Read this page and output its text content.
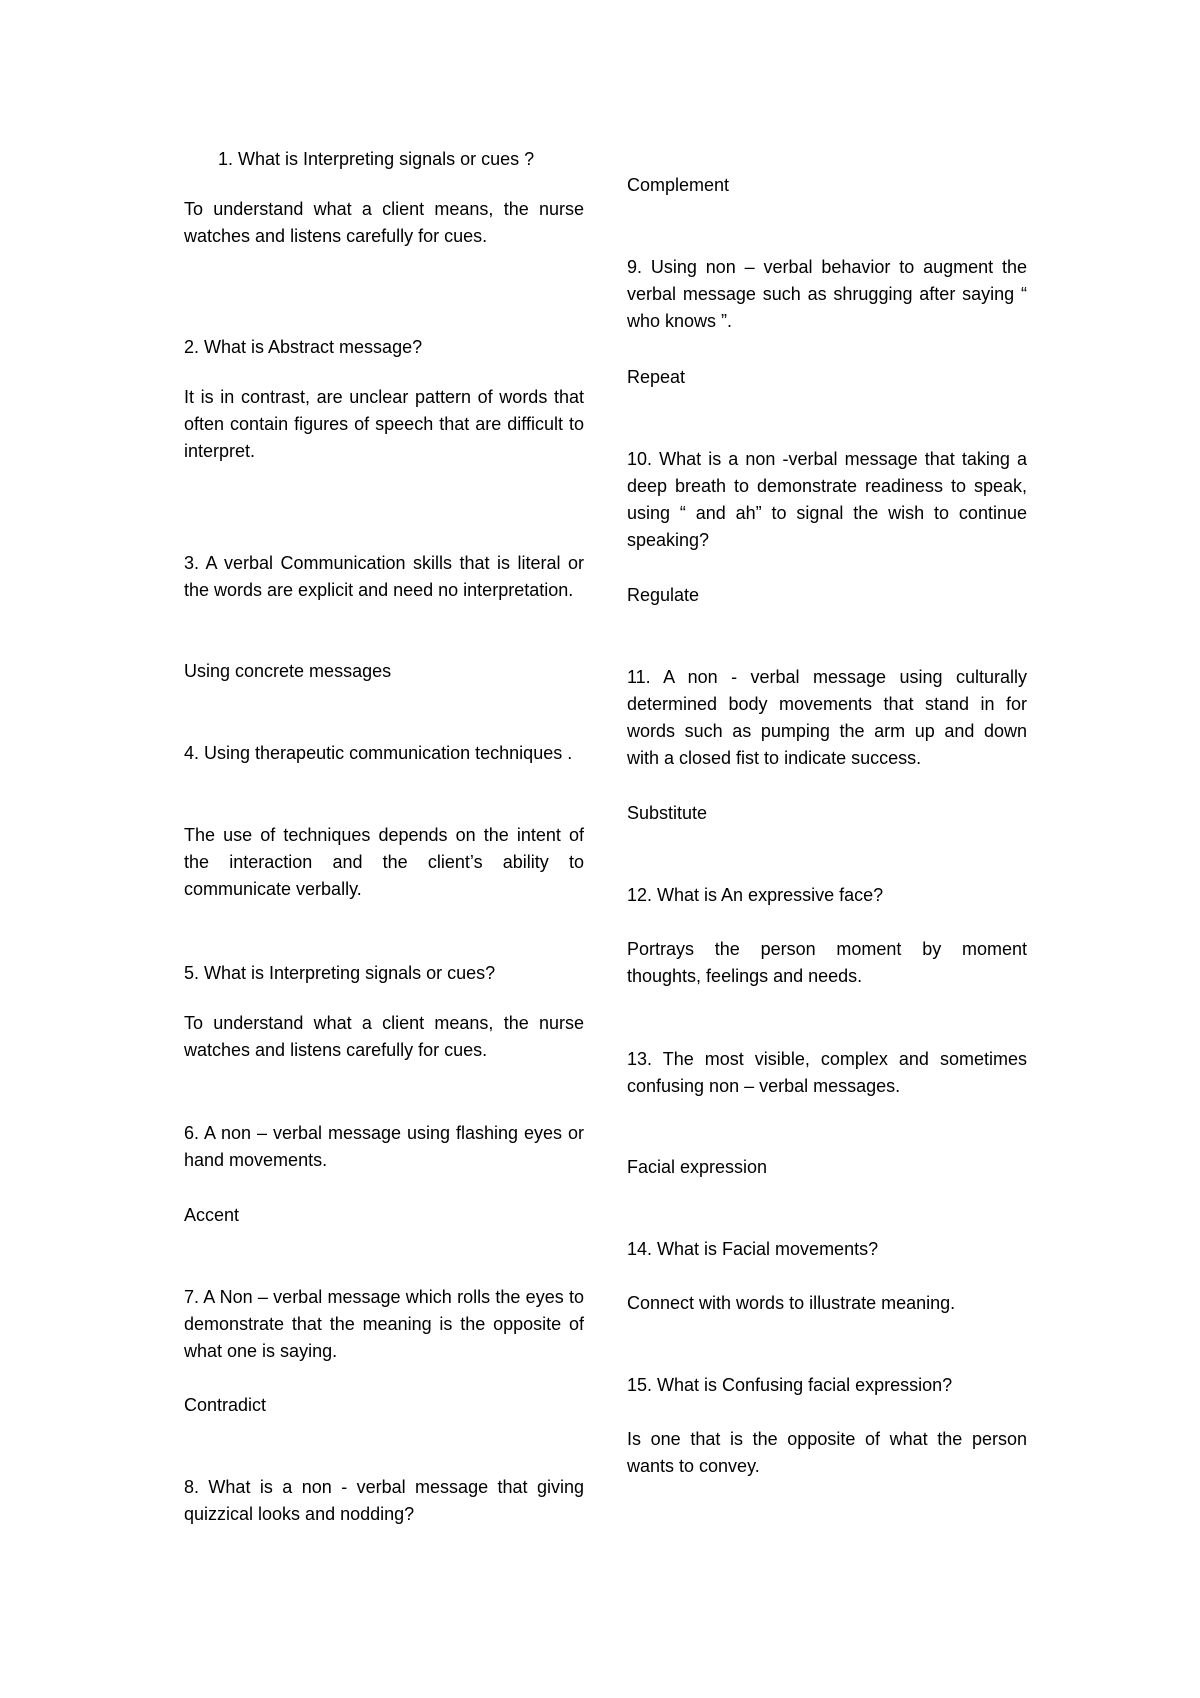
1. What is Interpreting signals or cues ?

To understand what a client means, the nurse watches and listens carefully for cues.

2. What is Abstract message?

It is in contrast, are unclear pattern of words that often contain figures of speech that are difficult to interpret.

3. A verbal Communication skills that is literal or the words are explicit and need no interpretation.

Using concrete messages

4. Using therapeutic communication techniques .

The use of techniques depends on the intent of the interaction and the client’s ability to communicate verbally.

5. What is Interpreting signals or cues?

To understand what a client means, the nurse watches and listens carefully for cues.

6. A non – verbal message using flashing eyes or hand movements.

Accent

7. A Non – verbal message which rolls the eyes to demonstrate that the meaning is the opposite of what one is saying.

Contradict

8. What is a non - verbal message that giving quizzical looks and nodding?

Complement

9. Using non – verbal behavior to augment the verbal message such as shrugging after saying “ who knows ”.

Repeat

10. What is a non -verbal message that taking a deep breath to demonstrate readiness to speak, using “ and ah” to signal the wish to continue speaking?

Regulate

11. A non - verbal message using culturally determined body movements that stand in for words such as pumping the arm up and down with a closed fist to indicate success.

Substitute

12. What is An expressive face?

Portrays the person moment by moment thoughts, feelings and needs.

13. The most visible, complex and sometimes confusing non – verbal messages.

Facial expression

14. What is Facial movements?

Connect with words to illustrate meaning.

15. What is Confusing facial expression?

Is one that is the opposite of what the person wants to convey.
